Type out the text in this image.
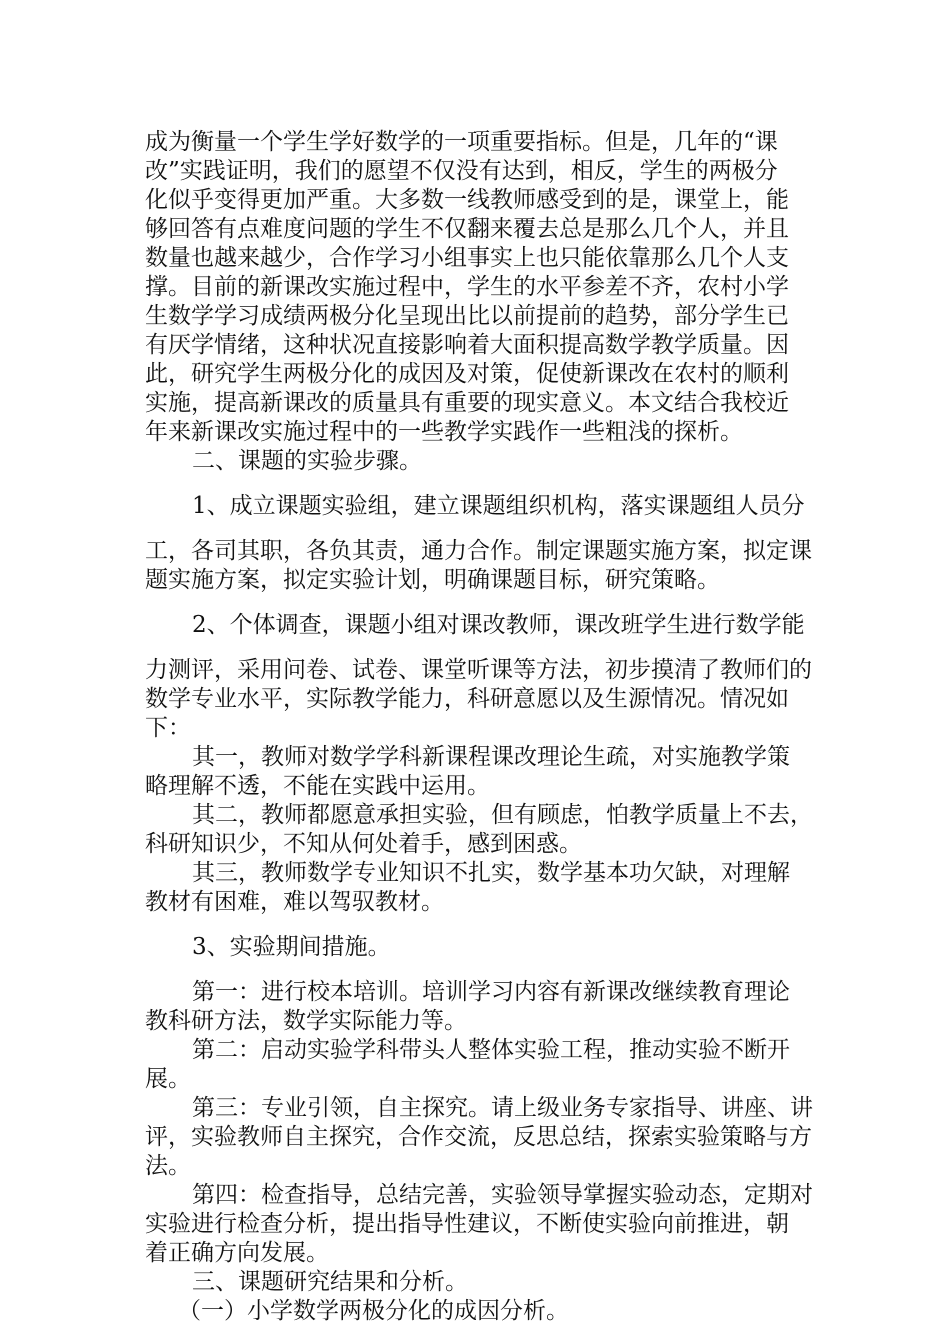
成为衡量一个学生学好数学的一项重要指标。但是，几年的“课

改”实践证明，我们的愿望不仅没有达到，相反，学生的两极分

化似乎变得更加严重。大多数一线教师感受到的是，课堂上，能

够回答有点难度问题的学生不仅翻来覆去总是那么几个人，并且

数量也越来越少，合作学习小组事实上也只能依靠那么几个人支

撑。目前的新课改实施过程中，学生的水平参差不齐，农村小学

生数学学习成绩两极分化呈现出比以前提前的趋势，部分学生已

有厌学情绪，这种状况直接影响着大面积提高数学教学质量。因

此，研究学生两极分化的成因及对策，促使新课改在农村的顺利

实施，提高新课改的质量具有重要的现实意义。本文结合我校近

年来新课改实施过程中的一些教学实践作一些粗浅的探析。

二、课题的实验步骤。

1、成立课题实验组，建立课题组织机构，落实课题组人员分

工，各司其职，各负其责，通力合作。制定课题实施方案，拟定课

题实施方案，拟定实验计划，明确课题目标，研究策略。

2、个体调查，课题小组对课改教师，课改班学生进行数学能

力测评，采用问卷、试卷、课堂听课等方法，初步摸清了教师们的

数学专业水平，实际教学能力，科研意愿以及生源情况。情况如

下：

其一，教师对数学学科新课程课改理论生疏，对实施教学策

略理解不透，不能在实践中运用。

其二，教师都愿意承担实验，但有顾虑，怕教学质量上不去，

科研知识少，不知从何处着手，感到困惑。

其三，教师数学专业知识不扎实，数学基本功欠缺，对理解

教材有困难，难以驾驭教材。

3、实验期间措施。

第一：进行校本培训。培训学习内容有新课改继续教育理论

教科研方法，数学实际能力等。

第二：启动实验学科带头人整体实验工程，推动实验不断开

展。

第三：专业引领，自主探究。请上级业务专家指导、讲座、讲

评，实验教师自主探究，合作交流，反思总结，探索实验策略与方

法。

第四：检查指导，总结完善，实验领导掌握实验动态，定期对

实验进行检查分析，提出指导性建议，不断使实验向前推进，朝

着正确方向发展。

三、课题研究结果和分析。

（一）小学数学两极分化的成因分析。
